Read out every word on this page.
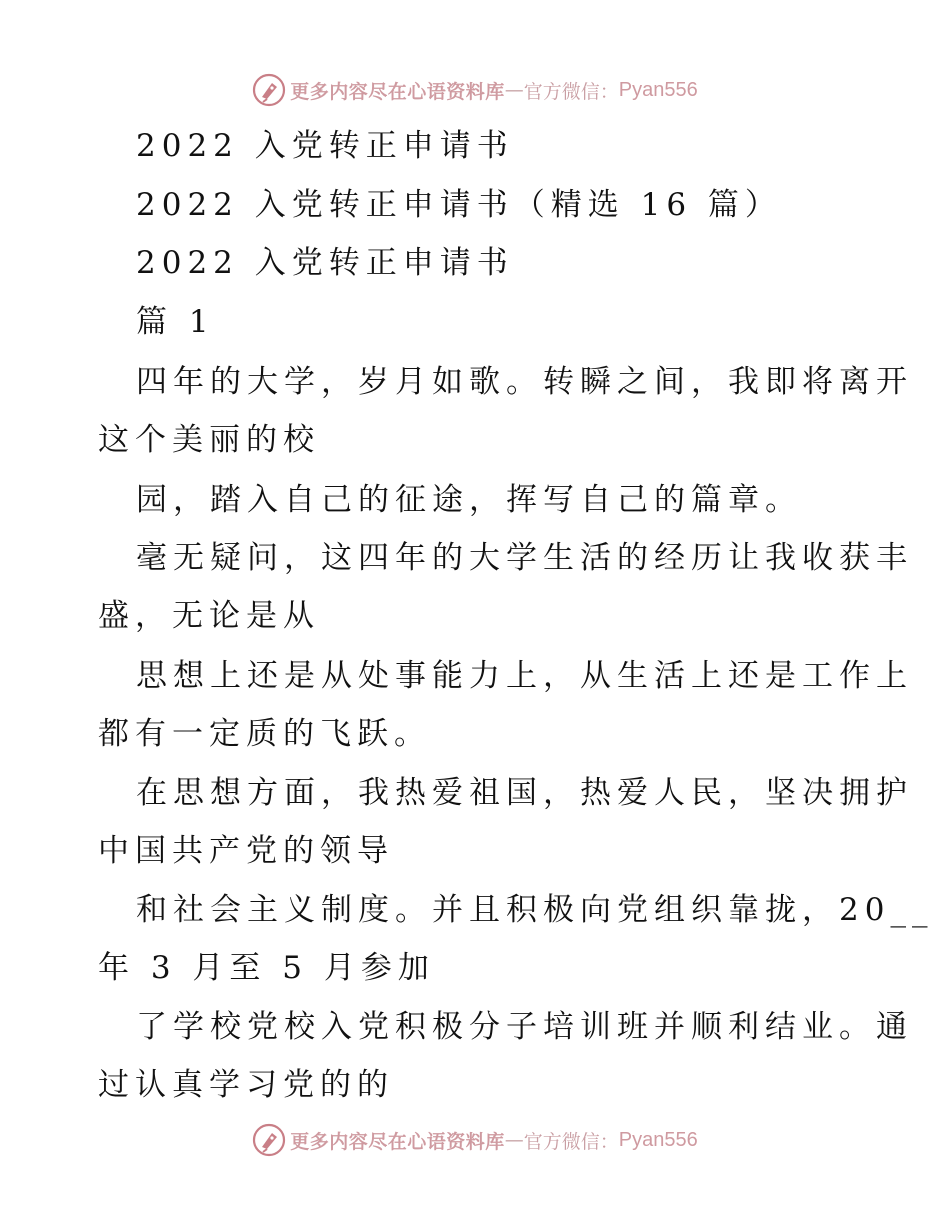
更多内容尽在心语资料库 — 官方微信： Pyan556
2022 入党转正申请书
2022 入党转正申请书（精选 16 篇）
2022 入党转正申请书
篇 1
四年的大学，岁月如歌。转瞬之间，我即将离开
这个美丽的校
园，踏入自己的征途，挥写自己的篇章。
毫无疑问，这四年的大学生活的经历让我收获丰
盛，无论是从
思想上还是从处事能力上，从生活上还是工作上
都有一定质的飞跃。
在思想方面，我热爱祖国，热爱人民，坚决拥护
中国共产党的领导
和社会主义制度。并且积极向党组织靠拢，20__
年 3 月至 5 月参加
了学校党校入党积极分子培训班并顺利结业。通
过认真学习党的的
更多内容尽在心语资料库 — 官方微信： Pyan556
